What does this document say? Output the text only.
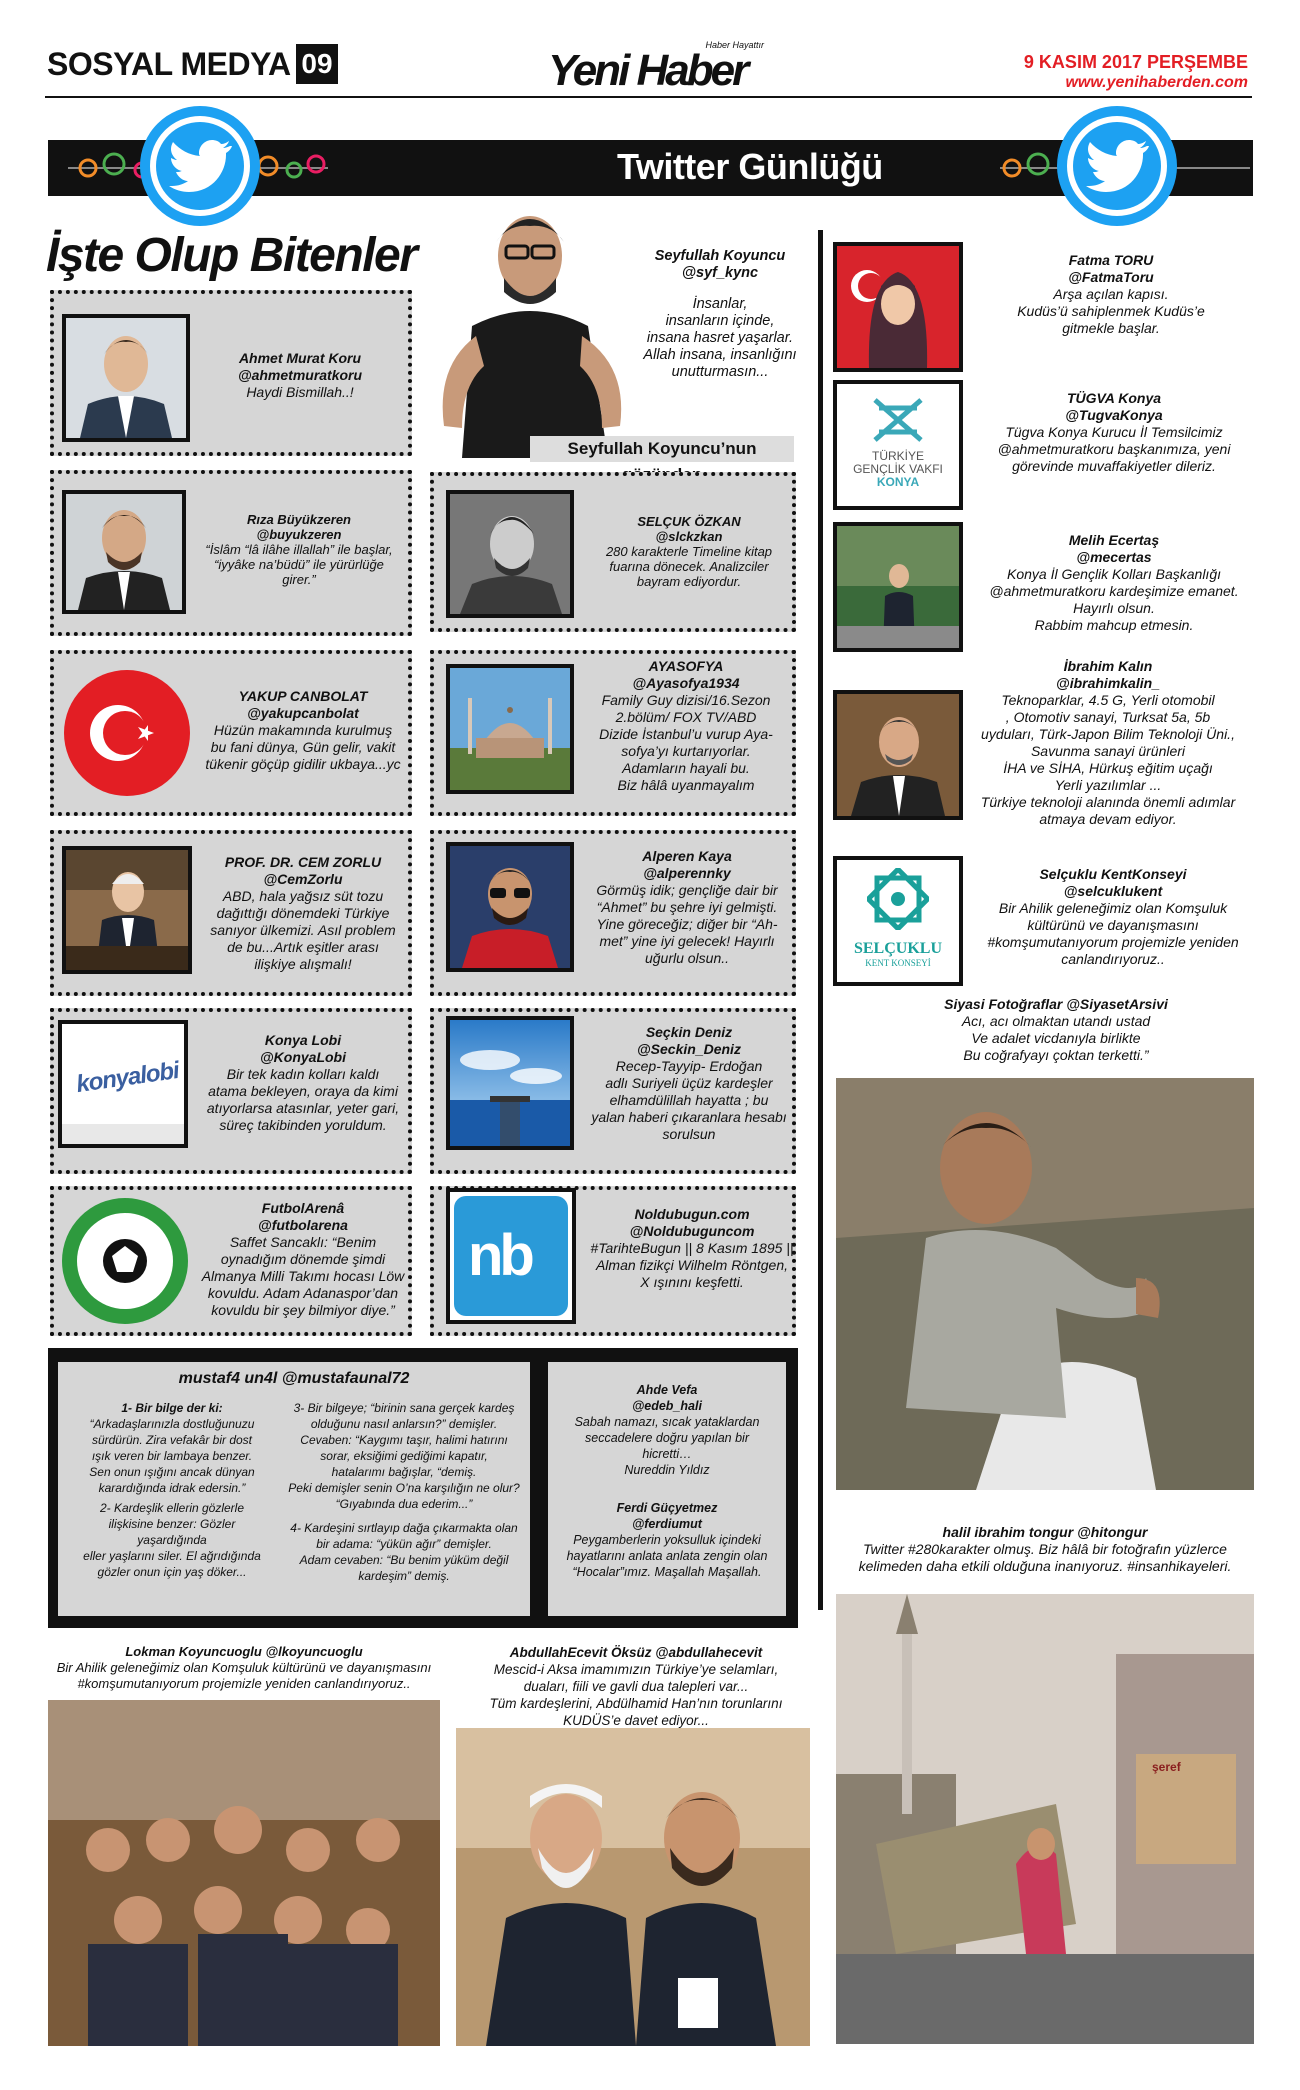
SOSYAL MEDYA 09
Haber Hayattır
Yeni Haber	9 KASIM 2017 PERŞEMBE
www.yenihaberden.com
Twitter Günlüğü
İşte Olup Bitenler
Seyfullah Koyuncu’nun
Seyfullah Koyuncu
@syf_kync
İnsanlar,
insanların içinde,
insana hasret yaşarlar.
Allah insana, insanlığını
unutturmasın...
Ahmet Murat Koru
@ahmetmuratkoru
Haydi Bismillah..!
Rıza Büyükzeren
@buyukzeren
“İslâm “lâ ilâhe illallah” ile başlar,
“iyyâke na’büdü” ile yürürlüğe
girer.”
YAKUP CANBOLAT
@yakupcanbolat
Hüzün makamında kurulmuş
bu fani dünya, Gün gelir, vakit
tükenir göçüp gidilir ukbaya...yc
PROF. DR. CEM ZORLU
@CemZorlu
ABD, hala yağsız süt tozu
dağıttığı dönemdeki Türkiye
sanıyor ülkemizi. Asıl problem
de bu...Artık eşitler arası
ilişkiye alışmalı!
konyalobi
Konya Lobi
@KonyaLobi
Bir tek kadın kolları kaldı
atama bekleyen, oraya da kimi
atıyorlarsa atasınlar, yeter gari,
süreç takibinden yoruldum.
FutbolArenâ
@futbolarena
Saffet Sancaklı: “Benim
oynadığım dönemde şimdi
Almanya Milli Takımı hocası Löw
kovuldu. Adam Adanaspor’dan
kovuldu bir şey bilmiyor diye.”
SELÇUK ÖZKAN
@slckzkan
280 karakterle Timeline kitap
fuarına dönecek. Analizciler
bayram ediyordur.
AYASOFYA
@Ayasofya1934
Family Guy dizisi/16.Sezon
2.bölüm/ FOX TV/ABD
Dizide İstanbul’u vurup Aya-
sofya’yı kurtarıyorlar.
Adamların hayali bu.
Biz hâlâ uyanmayalım
Alperen Kaya
@alperennky
Görmüş idik; gençliğe dair bir
“Ahmet” bu şehre iyi gelmişti.
Yine göreceğiz; diğer bir “Ah-
met” yine iyi gelecek! Hayırlı
uğurlu olsun..
Seçkin Deniz
@Seckin_Deniz
Recep-Tayyip- Erdoğan
adlı Suriyeli üçüz kardeşler
elhamdülillah hayatta ; bu
yalan haberi çıkaranlara hesabı
sorulsun
nb
Noldubugun.com
@Noldubuguncom
#TarihteBugun || 8 Kasım 1895 ||
Alman fizikçi Wilhelm Röntgen,
X ışınını keşfetti.
Fatma TORU
@FatmaToru
Arşa açılan kapısı.
Kudüs’ü sahiplenmek Kudüs’e
gitmekle başlar.
TÜRKİYE
GENÇLİK VAKFI
KONYA
TÜGVA Konya
@TugvaKonya
Tügva Konya Kurucu İl Temsilcimiz
@ahmetmuratkoru başkanımıza, yeni
görevinde muvaffakiyetler dileriz.
Melih Ecertaş
@mecertas
Konya İl Gençlik Kolları Başkanlığı
@ahmetmuratkoru kardeşimize emanet.
Hayırlı olsun.
Rabbim mahcup etmesin.
İbrahim Kalın
@ibrahimkalin_
Teknoparklar, 4.5 G, Yerli otomobil
, Otomotiv sanayi, Turksat 5a, 5b
uyduları, Türk-Japon Bilim Teknoloji Üni.,
Savunma sanayi ürünleri
İHA ve SİHA, Hürkuş eğitim uçağı
Yerli yazılımlar ...
Türkiye teknoloji alanında önemli adımlar
atmaya devam ediyor.
SELÇUKLU
KENT KONSEYİ
Selçuklu KentKonseyi
@selcuklukent
Bir Ahilik geleneğimiz olan Komşuluk
kültürünü ve dayanışmasını
#komşumutanıyorum projemizle yeniden
canlandırıyoruz..
Siyasi Fotoğraflar @SiyasetArsivi
Acı, acı olmaktan utandı ustad
Ve adalet vicdanıyla birlikte
Bu coğrafyayı çoktan terketti.”
halil ibrahim tongur @hitongur
Twitter #280karakter olmuş. Biz hâlâ bir fotoğrafın yüzlerce
kelimeden daha etkili olduğuna inanıyoruz. #insanhikayeleri.
şeref
mustaf4 un4l @mustafaunal72
1- Bir bilge der ki:
“Arkadaşlarınızla dostluğunuzu
sürdürün. Zira vefakâr bir dost
ışık veren bir lambaya benzer.
Sen onun ışığını ancak dünyan
karardığında idrak edersin.”
2- Kardeşlik ellerin gözlerle
ilişkisine benzer: Gözler
yaşardığında
eller yaşlarını siler. El ağrıdığında
gözler onun için yaş döker...
3- Bir bilgeye; “birinin sana gerçek kardeş
olduğunu nasıl anlarsın?” demişler.
Cevaben: “Kaygımı taşır, halimi hatırını
sorar, eksiğimi gediğimi kapatır,
hatalarımı bağışlar, “demiş.
Peki demişler senin O’na karşılığın ne olur?
“Gıyabında dua ederim...”
4- Kardeşini sırtlayıp dağa çıkarmakta olan
bir adama: “yükün ağır” demişler.
Adam cevaben: “Bu benim yüküm değil
kardeşim” demiş.
Ahde Vefa
@edeb_hali
Sabah namazı, sıcak yataklardan
seccadelere doğru yapılan bir
hicretti…
Nureddin Yıldız
Ferdi Güçyetmez
@ferdiumut
Peygamberlerin yoksulluk içindeki
hayatlarını anlata anlata zengin olan
“Hocalar”ımız. Maşallah Maşallah.
Lokman Koyuncuoglu @lkoyuncuoglu
Bir Ahilik geleneğimiz olan Komşuluk kültürünü ve dayanışmasını
#komşumutanıyorum projemizle yeniden canlandırıyoruz..
AbdullahEcevit Öksüz @abdullahecevit
Mescid-i Aksa imamımızın Türkiye’ye selamları,
duaları, fiili ve gavli dua talepleri var...
Tüm kardeşlerini, Abdülhamid Han’nın torunlarını
KUDÜS’e davet ediyor...
